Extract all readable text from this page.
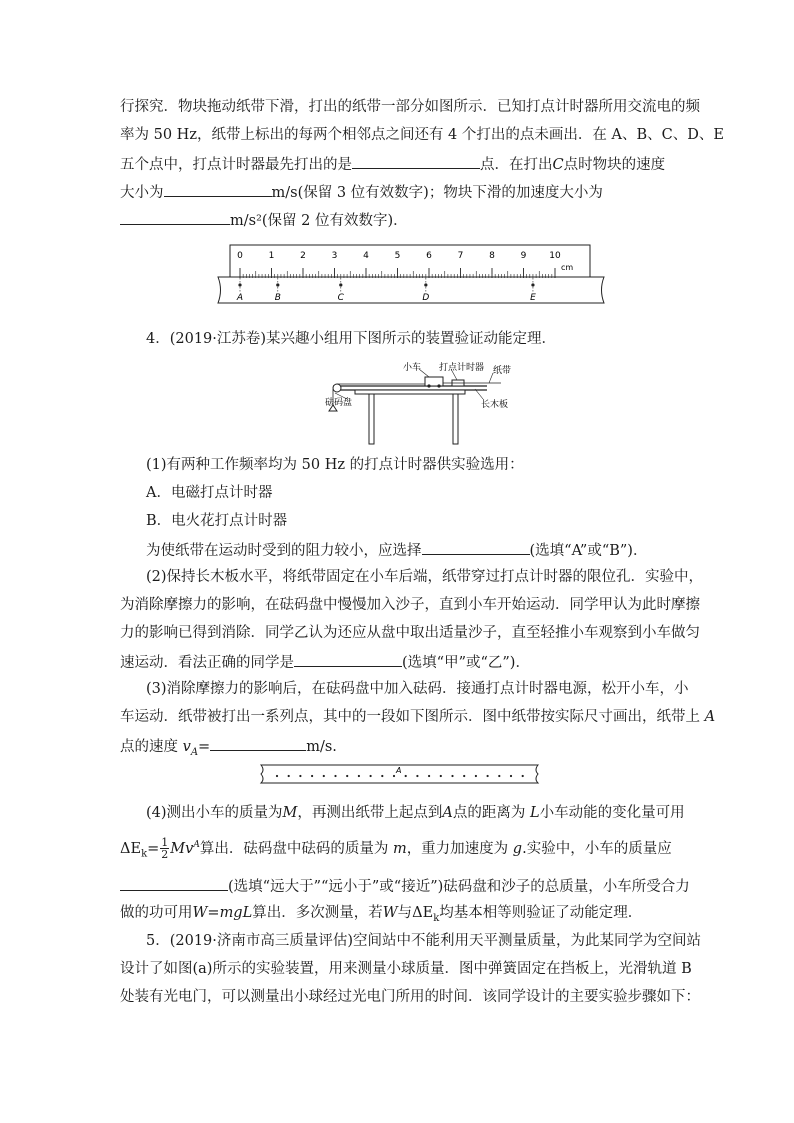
行探究．物块拖动纸带下滑，打出的纸带一部分如图所示．已知打点计时器所用交流电的频
率为 50 Hz，纸带上标出的每两个相邻点之间还有 4 个打出的点未画出．在 A、B、C、D、E
五个点中，打点计时器最先打出的是	点．在打出C点时物块的速度
大小为	m/s(保留 3 位有效数字)；物块下滑的加速度大小为
m/s²(保留 2 位有效数字)．
0	1	2	3	4	5	6	7	8	9	10
cm
A	B	C	D	E
4．(2019·江苏卷)某兴趣小组用下图所示的装置验证动能定理．
小车 打点计时器 纸带
砝码盘	长木板
(1)有两种工作频率均为 50 Hz 的打点计时器供实验选用：
A．电磁打点计时器
B．电火花打点计时器
为使纸带在运动时受到的阻力较小，应选择	(选填“A”或“B”)．
(2)保持长木板水平，将纸带固定在小车后端，纸带穿过打点计时器的限位孔．实验中，
为消除摩擦力的影响，在砝码盘中慢慢加入沙子，直到小车开始运动．同学甲认为此时摩擦
力的影响已得到消除．同学乙认为还应从盘中取出适量沙子，直至轻推小车观察到小车做匀
速运动．看法正确的同学是	(选填“甲”或“乙”)．
(3)消除摩擦力的影响后，在砝码盘中加入砝码．接通打点计时器电源，松开小车，小
车运动．纸带被打出一系列点，其中的一段如下图所示．图中纸带按实际尺寸画出，纸带上 A
点的速度 $v_A=$	m/s.
A
(4)测出小车的质量为M，再测出纸带上起点到A点的距离为 L小车动能的变化量可用
$\Delta E_k= \frac{1}{2} Mv^A$算出．砝码盘中砝码的质量为 m，重力加速度为 g.实验中，小车的质量应
(选填“远大于”“远小于”或“接近”)砝码盘和沙子的总质量，小车所受合力
做的功可用W=mgL算出．多次测量，若W与$\Delta E_k$均基本相等则验证了动能定理．
5．(2019·济南市高三质量评估)空间站中不能利用天平测量质量，为此某同学为空间站
设计了如图(a)所示的实验装置，用来测量小球质量．图中弹簧固定在挡板上，光滑轨道 B
处装有光电门，可以测量出小球经过光电门所用的时间．该同学设计的主要实验步骤如下：
